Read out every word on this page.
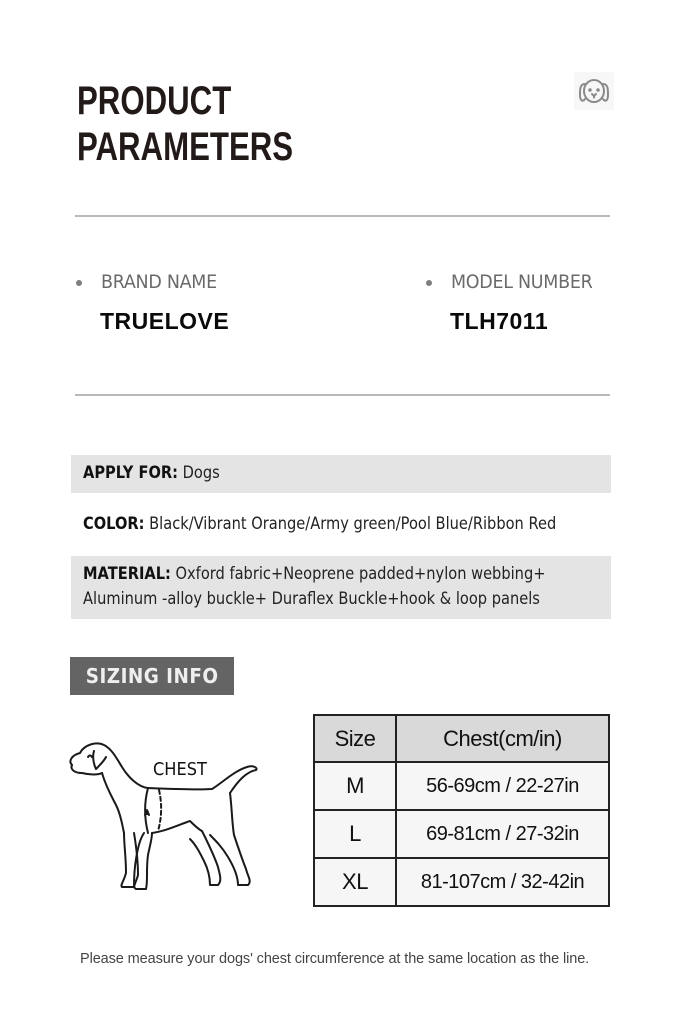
PRODUCT
PARAMETERS
BRAND NAME
TRUELOVE
MODEL NUMBER
TLH7011
APPLY FOR: Dogs
COLOR: Black/Vibrant Orange/Army green/Pool Blue/Ribbon Red
MATERIAL: Oxford fabric+Neoprene padded+nylon webbing+
Aluminum -alloy buckle+ Duraflex Buckle+hook & loop panels
SIZING INFO
CHEST
Size	Chest(cm/in)
M	56-69cm / 22-27in
L	69-81cm / 27-32in
XL	81-107cm / 32-42in
Please measure your dogs' chest circumference at the same location as the line.
